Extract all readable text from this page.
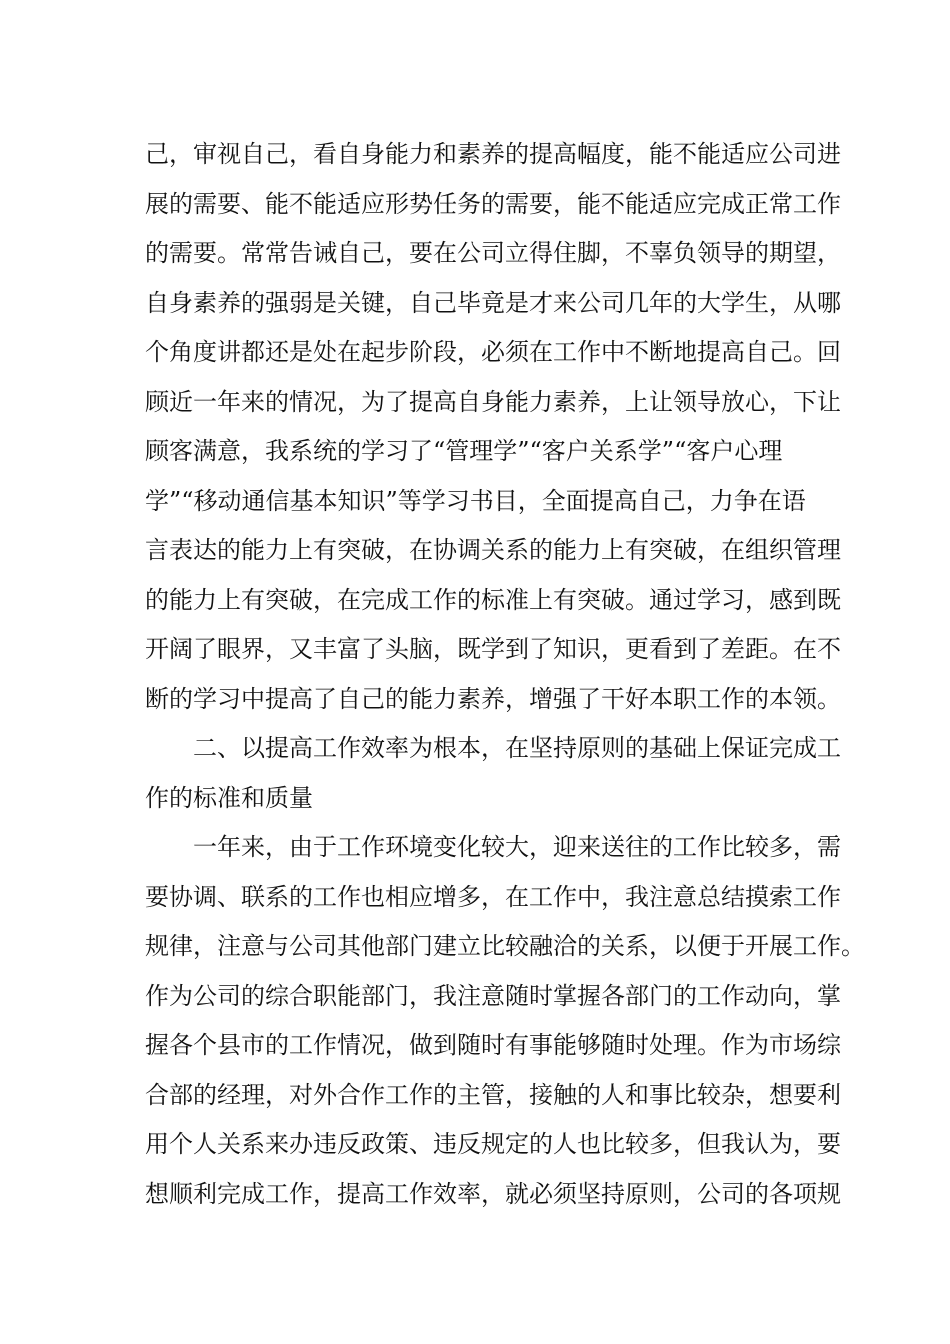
己，审视自己，看自身能力和素养的提高幅度，能不能适应公司进
展的需要、能不能适应形势任务的需要，能不能适应完成正常工作
的需要。常常告诫自己，要在公司立得住脚，不辜负领导的期望，
自身素养的强弱是关键，自己毕竟是才来公司几年的大学生，从哪
个角度讲都还是处在起步阶段，必须在工作中不断地提高自己。回
顾近一年来的情况，为了提高自身能力素养，上让领导放心，下让
顾客满意，我系统的学习了“管理学”“客户关系学”“客户心理
学”“移动通信基本知识”等学习书目，全面提高自己，力争在语
言表达的能力上有突破，在协调关系的能力上有突破，在组织管理
的能力上有突破，在完成工作的标准上有突破。通过学习，感到既
开阔了眼界，又丰富了头脑，既学到了知识，更看到了差距。在不
断的学习中提高了自己的能力素养，增强了干好本职工作的本领。
二、以提高工作效率为根本，在坚持原则的基础上保证完成工
作的标准和质量
一年来，由于工作环境变化较大，迎来送往的工作比较多，需
要协调、联系的工作也相应增多，在工作中，我注意总结摸索工作
规律，注意与公司其他部门建立比较融洽的关系，以便于开展工作。
作为公司的综合职能部门，我注意随时掌握各部门的工作动向，掌
握各个县市的工作情况，做到随时有事能够随时处理。作为市场综
合部的经理，对外合作工作的主管，接触的人和事比较杂，想要利
用个人关系来办违反政策、违反规定的人也比较多，但我认为，要
想顺利完成工作，提高工作效率，就必须坚持原则，公司的各项规
